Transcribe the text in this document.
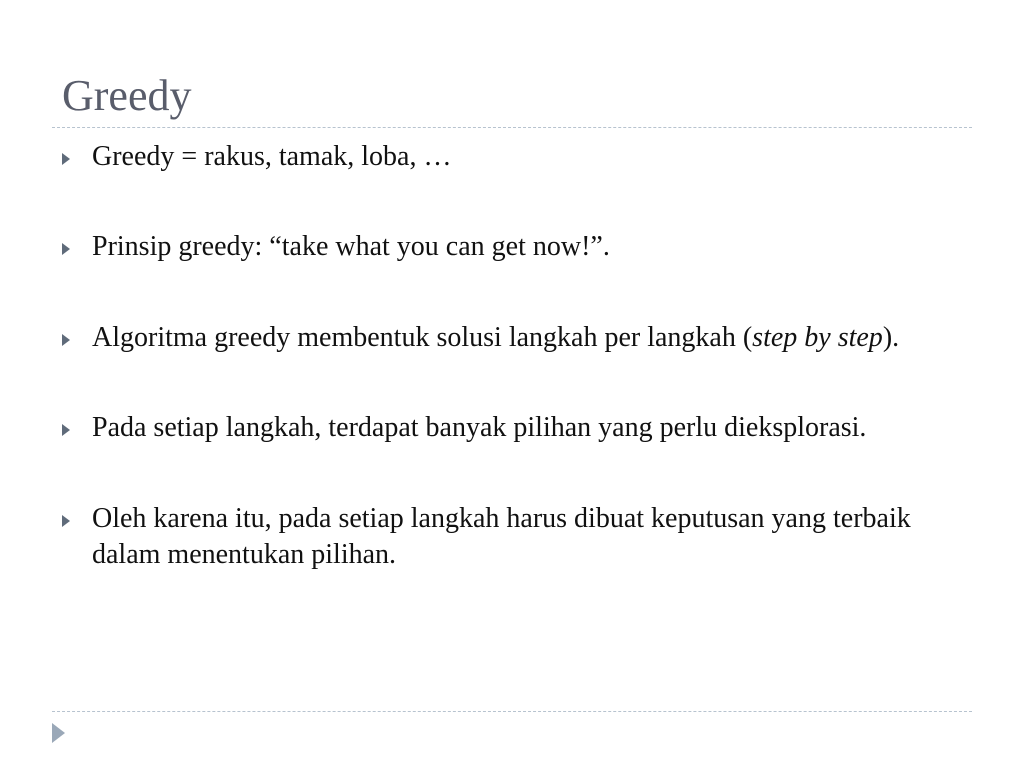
Greedy
Greedy = rakus, tamak, loba, …
Prinsip greedy: “take what you can get now!”.
Algoritma greedy membentuk solusi langkah per langkah (step by step).
Pada setiap langkah, terdapat banyak pilihan yang perlu dieksplorasi.
Oleh karena itu, pada setiap langkah harus dibuat keputusan yang terbaik dalam menentukan pilihan.
